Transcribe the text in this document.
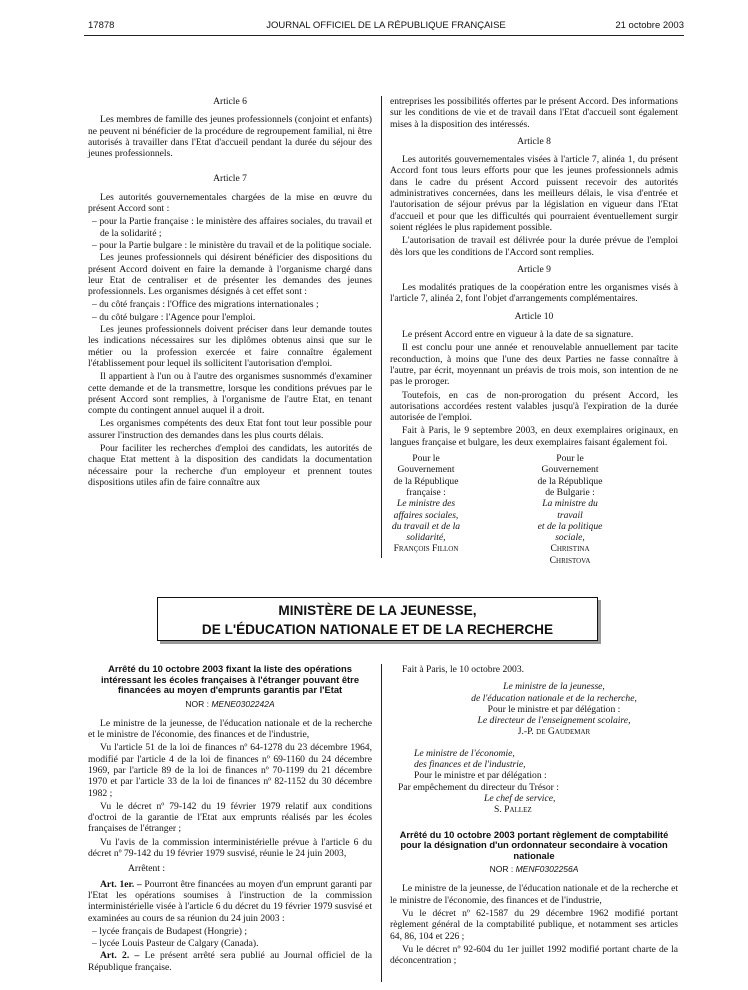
17878	JOURNAL OFFICIEL DE LA RÉPUBLIQUE FRANÇAISE	21 octobre 2003
Article 6

Les membres de famille des jeunes professionnels (conjoint et enfants) ne peuvent ni bénéficier de la procédure de regroupement familial, ni être autorisés à travailler dans l'Etat d'accueil pendant la durée du séjour des jeunes professionnels.

Article 7

Les autorités gouvernementales chargées de la mise en œuvre du présent Accord sont :

– pour la Partie française : le ministère des affaires sociales, du travail et de la solidarité ;

– pour la Partie bulgare : le ministère du travail et de la politique sociale.

Les jeunes professionnels qui désirent bénéficier des dispositions du présent Accord doivent en faire la demande à l'organisme chargé dans leur Etat de centraliser et de présenter les demandes des jeunes professionnels. Les organismes désignés à cet effet sont :

– du côté français : l'Office des migrations internationales ;

– du côté bulgare : l'Agence pour l'emploi.

Les jeunes professionnels doivent préciser dans leur demande toutes les indications nécessaires sur les diplômes obtenus ainsi que sur le métier ou la profession exercée et faire connaître également l'établissement pour lequel ils sollicitent l'autorisation d'emploi.

Il appartient à l'un ou à l'autre des organismes susnommés d'examiner cette demande et de la transmettre, lorsque les conditions prévues par le présent Accord sont remplies, à l'organisme de l'autre Etat, en tenant compte du contingent annuel auquel il a droit.

Les organismes compétents des deux Etat font tout leur possible pour assurer l'instruction des demandes dans les plus courts délais.

Pour faciliter les recherches d'emploi des candidats, les autorités de chaque Etat mettent à la disposition des candidats la documentation nécessaire pour la recherche d'un employeur et prennent toutes dispositions utiles afin de faire connaître aux

entreprises les possibilités offertes par le présent Accord. Des informations sur les conditions de vie et de travail dans l'Etat d'accueil sont également mises à la disposition des intéressés.

Article 8

Les autorités gouvernementales visées à l'article 7, alinéa 1, du présent Accord font tous leurs efforts pour que les jeunes professionnels admis dans le cadre du présent Accord puissent recevoir des autorités administratives concernées, dans les meilleurs délais, le visa d'entrée et l'autorisation de séjour prévus par la législation en vigueur dans l'Etat d'accueil et pour que les difficultés qui pourraient éventuellement surgir soient réglées le plus rapidement possible.

L'autorisation de travail est délivrée pour la durée prévue de l'emploi dès lors que les conditions de l'Accord sont remplies.

Article 9

Les modalités pratiques de la coopération entre les organismes visés à l'article 7, alinéa 2, font l'objet d'arrangements complémentaires.

Article 10

Le présent Accord entre en vigueur à la date de sa signature.

Il est conclu pour une année et renouvelable annuellement par tacite reconduction, à moins que l'une des deux Parties ne fasse connaître à l'autre, par écrit, moyennant un préavis de trois mois, son intention de ne pas le proroger.

Toutefois, en cas de non-prorogation du présent Accord, les autorisations accordées restent valables jusqu'à l'expiration de la durée autorisée de l'emploi.

Fait à Paris, le 9 septembre 2003, en deux exemplaires originaux, en langues française et bulgare, les deux exemplaires faisant également foi.

Pour le Gouvernement
de la République française :
Le ministre des affaires sociales,
du travail et de la solidarité,
François Fillon
Pour le Gouvernement
de la République de Bulgarie :
La ministre du travail
et de la politique sociale,
Christina Christova
MINISTÈRE DE LA JEUNESSE,
DE L'ÉDUCATION NATIONALE ET DE LA RECHERCHE
Arrêté du 10 octobre 2003 fixant la liste des opérations intéressant les écoles françaises à l'étranger pouvant être financées au moyen d'emprunts garantis par l'Etat
NOR : MENE0302242A

Le ministre de la jeunesse, de l'éducation nationale et de la recherche et le ministre de l'économie, des finances et de l'industrie,

Vu l'article 51 de la loi de finances nº 64-1278 du 23 décembre 1964, modifié par l'article 4 de la loi de finances nº 69-1160 du 24 décembre 1969, par l'article 89 de la loi de finances nº 70-1199 du 21 décembre 1970 et par l'article 33 de la loi de finances nº 82-1152 du 30 décembre 1982 ;

Vu le décret nº 79-142 du 19 février 1979 relatif aux conditions d'octroi de la garantie de l'Etat aux emprunts réalisés par les écoles françaises de l'étranger ;

Vu l'avis de la commission interministérielle prévue à l'article 6 du décret nº 79-142 du 19 février 1979 susvisé, réunie le 24 juin 2003,

Arrêtent :

Art. 1er. – Pourront être financées au moyen d'un emprunt garanti par l'Etat les opérations soumises à l'instruction de la commission interministérielle visée à l'article 6 du décret du 19 février 1979 susvisé et examinées au cours de sa réunion du 24 juin 2003 :

– lycée français de Budapest (Hongrie) ;

– lycée Louis Pasteur de Calgary (Canada).

Art. 2. – Le présent arrêté sera publié au Journal officiel de la République française.

Fait à Paris, le 10 octobre 2003.

Le ministre de la jeunesse,
de l'éducation nationale et de la recherche,
Pour le ministre et par délégation :
Le directeur de l'enseignement scolaire,
J.-P. de Gaudemar
Le ministre de l'économie,
des finances et de l'industrie,
Pour le ministre et par délégation :
Par empêchement du directeur du Trésor :
Le chef de service,
S. Pallez
Arrêté du 10 octobre 2003 portant règlement de comptabilité pour la désignation d'un ordonnateur secondaire à vocation nationale
NOR : MENF0302256A

Le ministre de la jeunesse, de l'éducation nationale et de la recherche et le ministre de l'économie, des finances et de l'industrie,

Vu le décret nº 62-1587 du 29 décembre 1962 modifié portant règlement général de la comptabilité publique, et notamment ses articles 64, 86, 104 et 226 ;

Vu le décret nº 92-604 du 1er juillet 1992 modifié portant charte de la déconcentration ;
